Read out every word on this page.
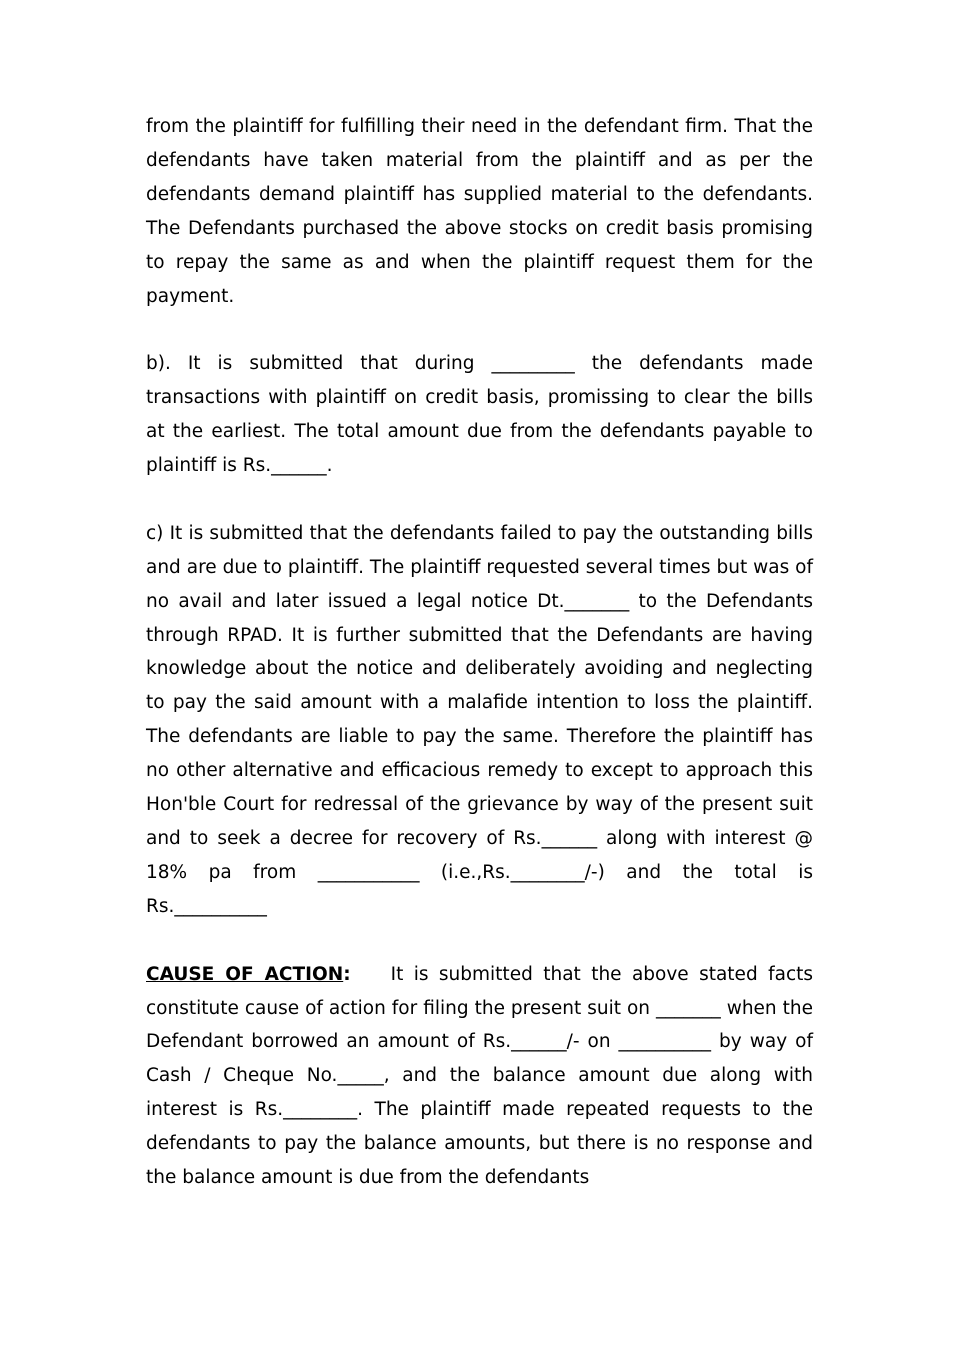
from the plaintiff for fulfilling their need in the defendant firm. That the defendants have taken material from the plaintiff and as per the defendants demand plaintiff has supplied material to the defendants. The Defendants purchased the above stocks on credit basis promising to repay the same as and when the plaintiff request them for the payment.

b). It is submitted that during _________ the defendants made transactions with plaintiff on credit basis, promissing to clear the bills at the earliest. The total amount due from the defendants payable to plaintiff is Rs.______.

c) It is submitted that the defendants failed to pay the outstanding bills and are due to plaintiff. The plaintiff requested several times but was of no avail and later issued a legal notice Dt._______ to the Defendants through RPAD. It is further submitted that the Defendants are having knowledge about the notice and deliberately avoiding and neglecting to pay the said amount with a malafide intention to loss the plaintiff. The defendants are liable to pay the same. Therefore the plaintiff has no other alternative and efficacious remedy to except to approach this Hon'ble Court for redressal of the grievance by way of the present suit and to seek a decree for recovery of Rs.______ along with interest @ 18% pa from ___________ (i.e.,Rs.________/-) and the total is Rs.__________

CAUSE OF ACTION: It is submitted that the above stated facts constitute cause of action for filing the present suit on _______ when the Defendant borrowed an amount of Rs.______/- on __________ by way of Cash / Cheque No._____, and the balance amount due along with interest is Rs.________. The plaintiff made repeated requests to the defendants to pay the balance amounts, but there is no response and the balance amount is due from the defendants
